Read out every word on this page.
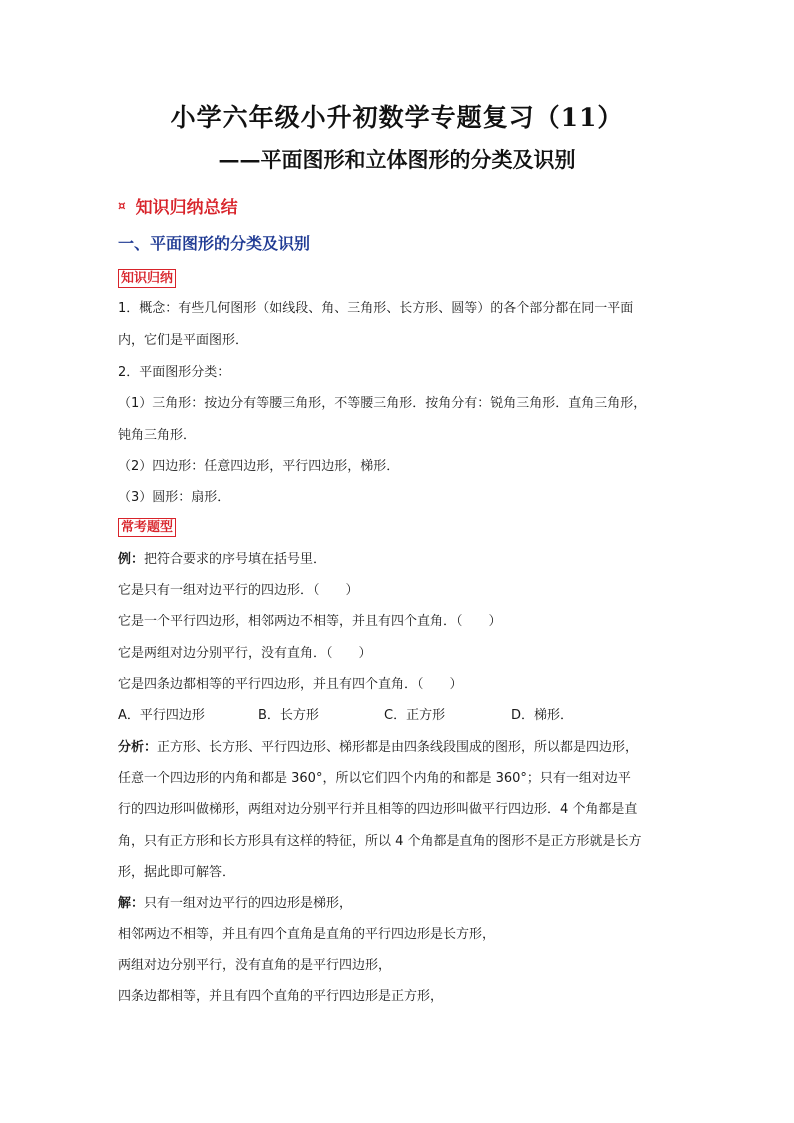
小学六年级小升初数学专题复习（11）
——平面图形和立体图形的分类及识别
¤ 知识归纳总结
一、平面图形的分类及识别
知识归纳
1．概念：有些几何图形（如线段、角、三角形、长方形、圆等）的各个部分都在同一平面
内，它们是平面图形．
2．平面图形分类：
（1）三角形：按边分有等腰三角形，不等腰三角形．按角分有：锐角三角形．直角三角形，
钝角三角形．
（2）四边形：任意四边形，平行四边形，梯形．
（3）圆形：扇形．
常考题型
例：把符合要求的序号填在括号里．
它是只有一组对边平行的四边形．（　　）
它是一个平行四边形，相邻两边不相等，并且有四个直角．（　　）
它是两组对边分别平行，没有直角．（　　）
它是四条边都相等的平行四边形，并且有四个直角．（　　）
A．平行四边形	B．长方形	C．正方形	D．梯形．
分析：正方形、长方形、平行四边形、梯形都是由四条线段围成的图形，所以都是四边形，
任意一个四边形的内角和都是 360°，所以它们四个内角的和都是 360°；只有一组对边平
行的四边形叫做梯形，两组对边分别平行并且相等的四边形叫做平行四边形．4 个角都是直
角，只有正方形和长方形具有这样的特征，所以 4 个角都是直角的图形不是正方形就是长方
形，据此即可解答．
解：只有一组对边平行的四边形是梯形，
相邻两边不相等，并且有四个直角是直角的平行四边形是长方形，
两组对边分别平行，没有直角的是平行四边形，
四条边都相等，并且有四个直角的平行四边形是正方形，
